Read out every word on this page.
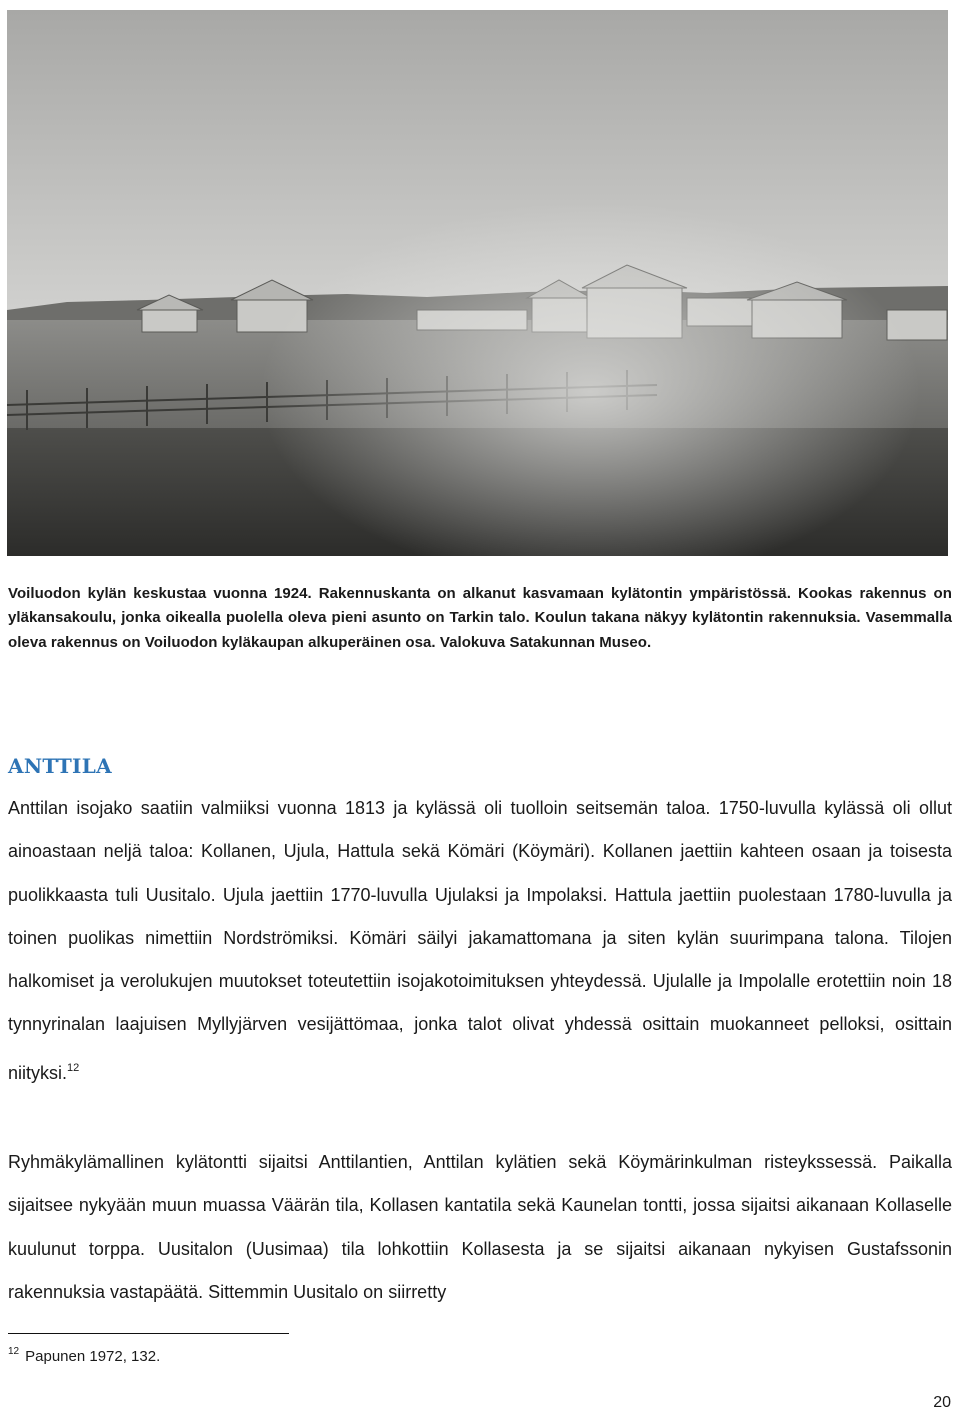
Voiluodon kylän keskustaa vuonna 1924. Rakennuskanta on alkanut kasvamaan kylätontin ympäristössä. Kookas rakennus on yläkansakoulu, jonka oikealla puolella oleva pieni asunto on Tarkin talo. Koulun takana näkyy kylätontin rakennuksia. Vasemmalla oleva rakennus on Voiluodon kyläkaupan alkuperäinen osa. Valokuva Satakunnan Museo.
ANTTILA
Anttilan isojako saatiin valmiiksi vuonna 1813 ja kylässä oli tuolloin seitsemän taloa. 1750-luvulla kylässä oli ollut ainoastaan neljä taloa: Kollanen, Ujula, Hattula sekä Kömäri (Köymäri). Kollanen jaettiin kahteen osaan ja toisesta puolikkaasta tuli Uusitalo. Ujula jaettiin 1770-luvulla Ujulaksi ja Impolaksi. Hattula jaettiin puolestaan 1780-luvulla ja toinen puolikas nimettiin Nordströmiksi. Kömäri säilyi jakamattomana ja siten kylän suurimpana talona. Tilojen halkomiset ja verolukujen muutokset toteutettiin isojakotoimituksen yhteydessä. Ujulalle ja Impolalle erotettiin noin 18 tynnyrinalan laajuisen Myllyjärven vesijättömaa, jonka talot olivat yhdessä osittain muokanneet pelloksi, osittain niityksi.$^{12}$
Ryhmäkylämallinen kylätontti sijaitsi Anttilantien, Anttilan kylätien sekä Köymärinkulman risteykssessä. Paikalla sijaitsee nykyään muun muassa Väärän tila, Kollasen kantatila sekä Kaunelan tontti, jossa sijaitsi aikanaan Kollaselle kuulunut torppa. Uusitalon (Uusimaa) tila lohkottiin Kollasesta ja se sijaitsi aikanaan nykyisen Gustafssonin rakennuksia vastapäätä. Sittemmin Uusitalo on siirretty
$^{12}$ Papunen 1972, 132.
20
